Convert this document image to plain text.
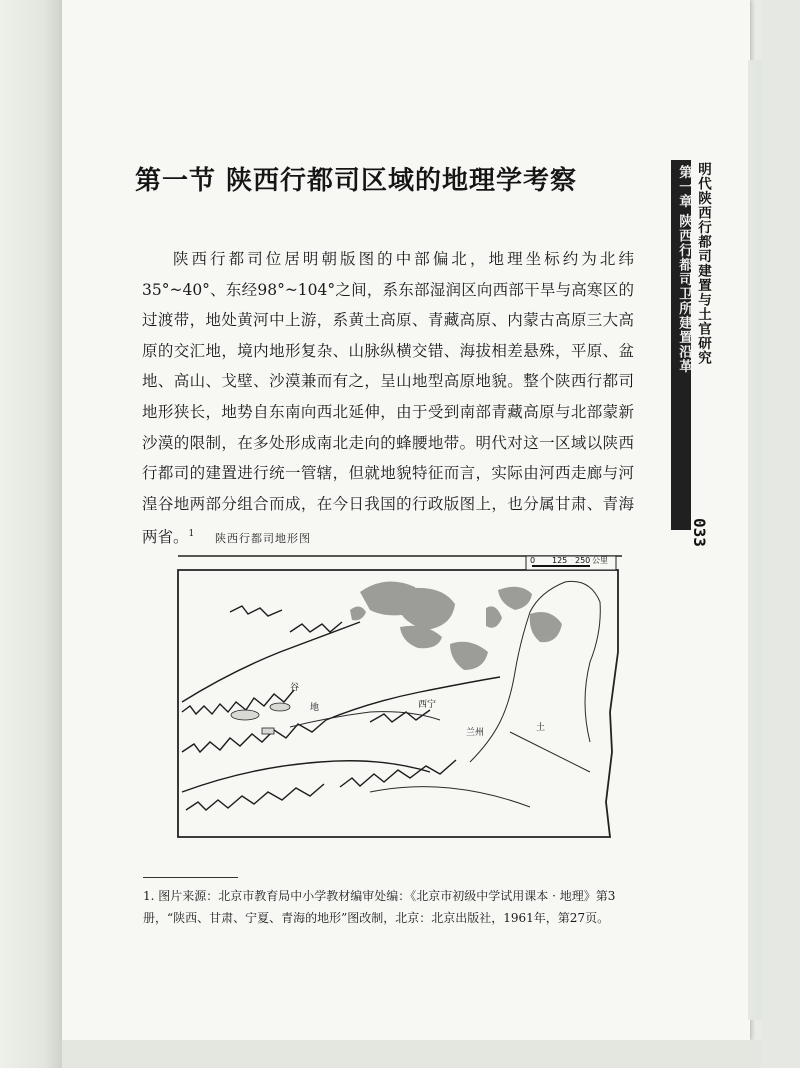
第一节 陕西行都司区域的地理学考察

陕西行都司位居明朝版图的中部偏北，地理坐标约为北纬35°~40°、东经98°~104°之间，系东部湿润区向西部干旱与高寒区的过渡带，地处黄河中上游，系黄土高原、青藏高原、内蒙古高原三大高原的交汇地，境内地形复杂、山脉纵横交错、海拔相差悬殊，平原、盆地、高山、戈壁、沙漠兼而有之，呈山地型高原地貌。整个陕西行都司地形狭长，地势自东南向西北延伸，由于受到南部青藏高原与北部蒙新沙漠的限制，在多处形成南北走向的蜂腰地带。明代对这一区域以陕西行都司的建置进行统一管辖，但就地貌特征而言，实际由河西走廊与河湟谷地两部分组合而成，在今日我国的行政版图上，也分属甘肃、青海两省。$^1$

第一章 陕西行都司卫所建置沿革 明代陕西行都司建置与土官研究
033
陕西行都司地形图
0 125 250 公里
西宁
兰州	土
谷
地

1. 图片来源：北京市教育局中小学教材编审处编：《北京市初级中学试用课本 · 地理》第3

册，“陕西、甘肃、宁夏、青海的地形”图改制，北京：北京出版社，1961年，第27页。
